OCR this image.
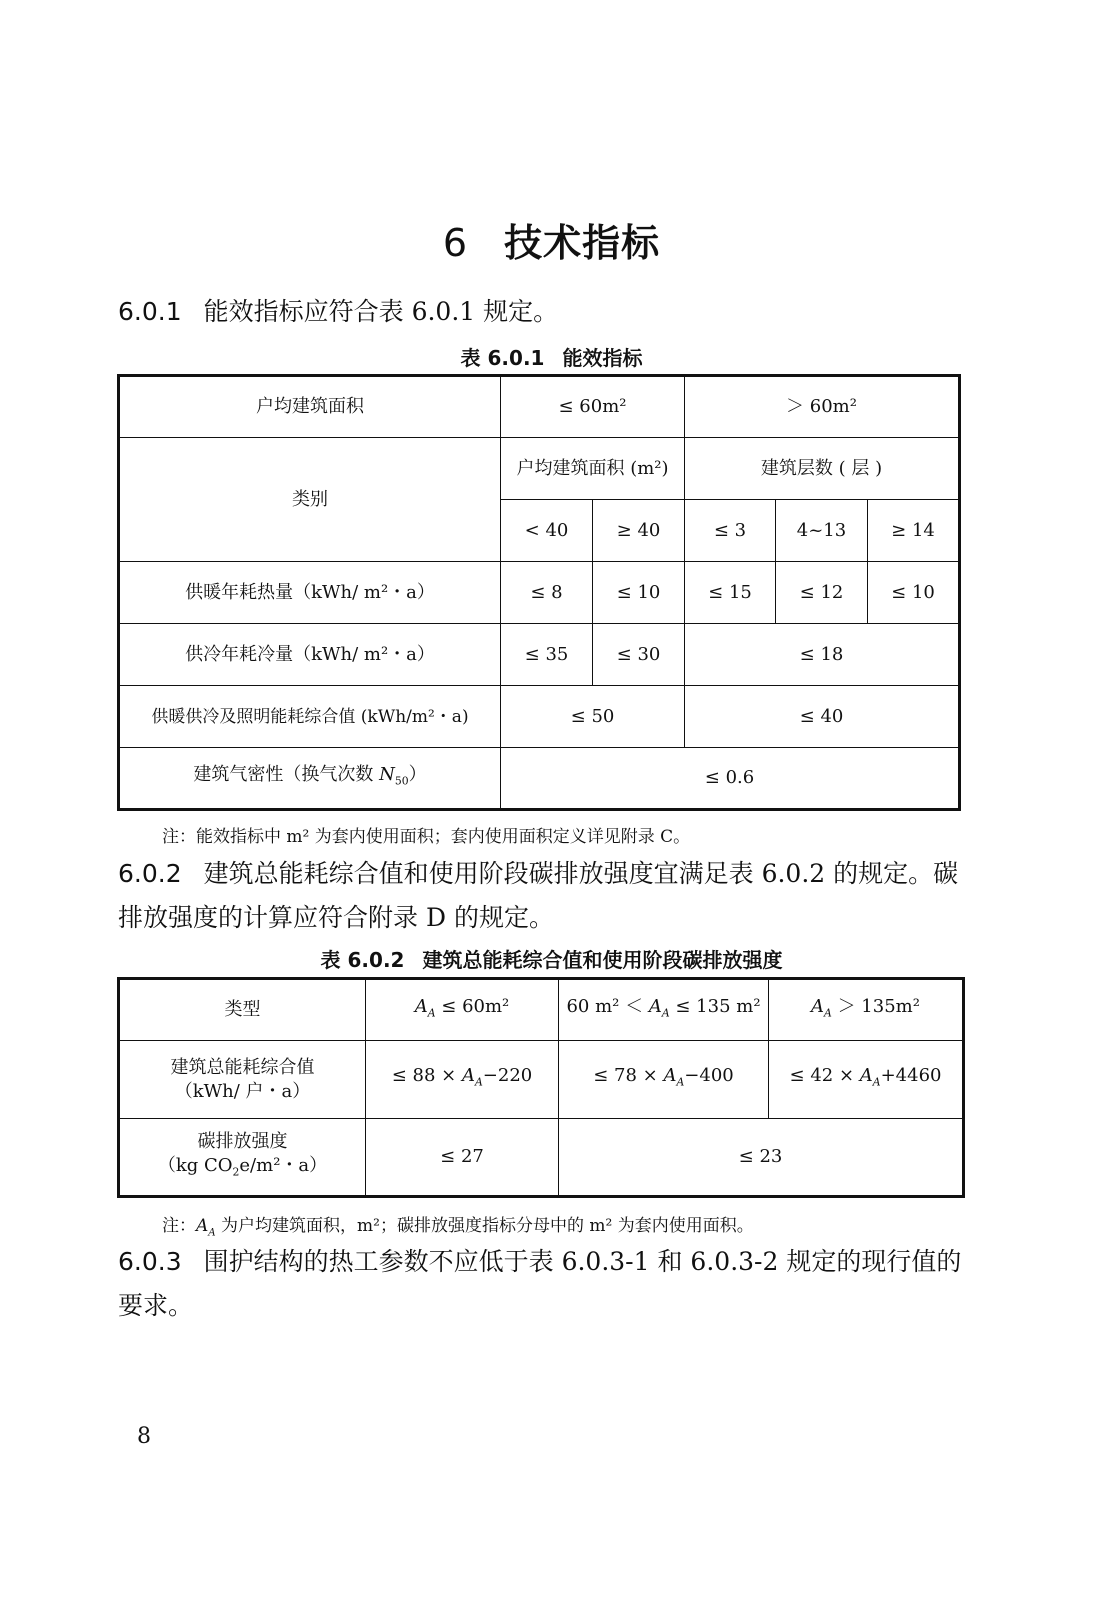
6 技术指标
6.0.1 能效指标应符合表 6.0.1 规定。
表 6.0.1 能效指标
户均建筑面积	≤ 60m²		＞ 60m²		
类别	户均建筑面积 (m²)		建筑层数 ( 层 )		
	< 40	≥ 40	≤ 3	4~13	≥ 14
供暖年耗热量（kWh/ m²・a）	≤ 8	≤ 10	≤ 15	≤ 12	≤ 10
供冷年耗冷量（kWh/ m²・a）	≤ 35	≤ 30	≤ 18		
供暖供冷及照明能耗综合值 (kWh/m²・a)	≤ 50		≤ 40		
建筑气密性（换气次数 $N_{50}$）	≤ 0.6				
注：能效指标中 m² 为套内使用面积；套内使用面积定义详见附录 C。
6.0.2 建筑总能耗综合值和使用阶段碳排放强度宜满足表 6.0.2 的规定。碳排放强度的计算应符合附录 D 的规定。
表 6.0.2 建筑总能耗综合值和使用阶段碳排放强度
类型	$A_A \le 60m^2$	60 $m^2 < A_A \le 135$ m²	$A_A > 135m^2$

建筑总能耗综合值
（kWh/ 户・a）	≤ $88 \times A_A-220$	≤ $78 \times A_A-400$	≤ $42 \times A_A+4460$

碳排放强度
（kg $CO_2e/m^2$・a）	≤ 27	≤ 23	
注：$A_A$ 为户均建筑面积，m²；碳排放强度指标分母中的 m² 为套内使用面积。
6.0.3 围护结构的热工参数不应低于表 6.0.3-1 和 6.0.3-2 规定的现行值的要求。
8
